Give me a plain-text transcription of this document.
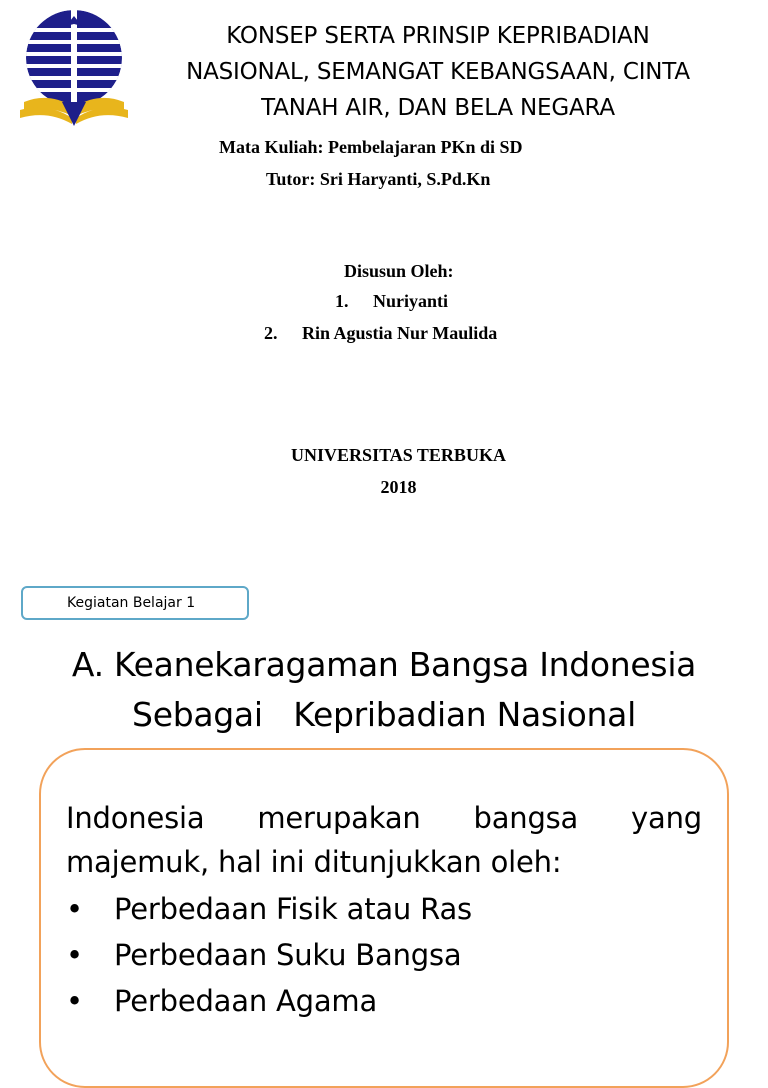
KONSEP SERTA PRINSIP KEPRIBADIAN
NASIONAL, SEMANGAT KEBANGSAAN, CINTA
TANAH AIR, DAN BELA NEGARA
Mata Kuliah: Pembelajaran PKn di SD
Tutor: Sri Haryanti, S.Pd.Kn
Disusun Oleh:
1. Nuriyanti
2. Rin Agustia Nur Maulida
UNIVERSITAS TERBUKA
2018
Kegiatan Belajar 1
A. Keanekaragaman Bangsa Indonesia
Sebagai   Kepribadian Nasional
Indonesia merupakan bangsa yang
majemuk, hal ini ditunjukkan oleh:
•	Perbedaan Fisik atau Ras
•	Perbedaan Suku Bangsa
•	Perbedaan Agama
